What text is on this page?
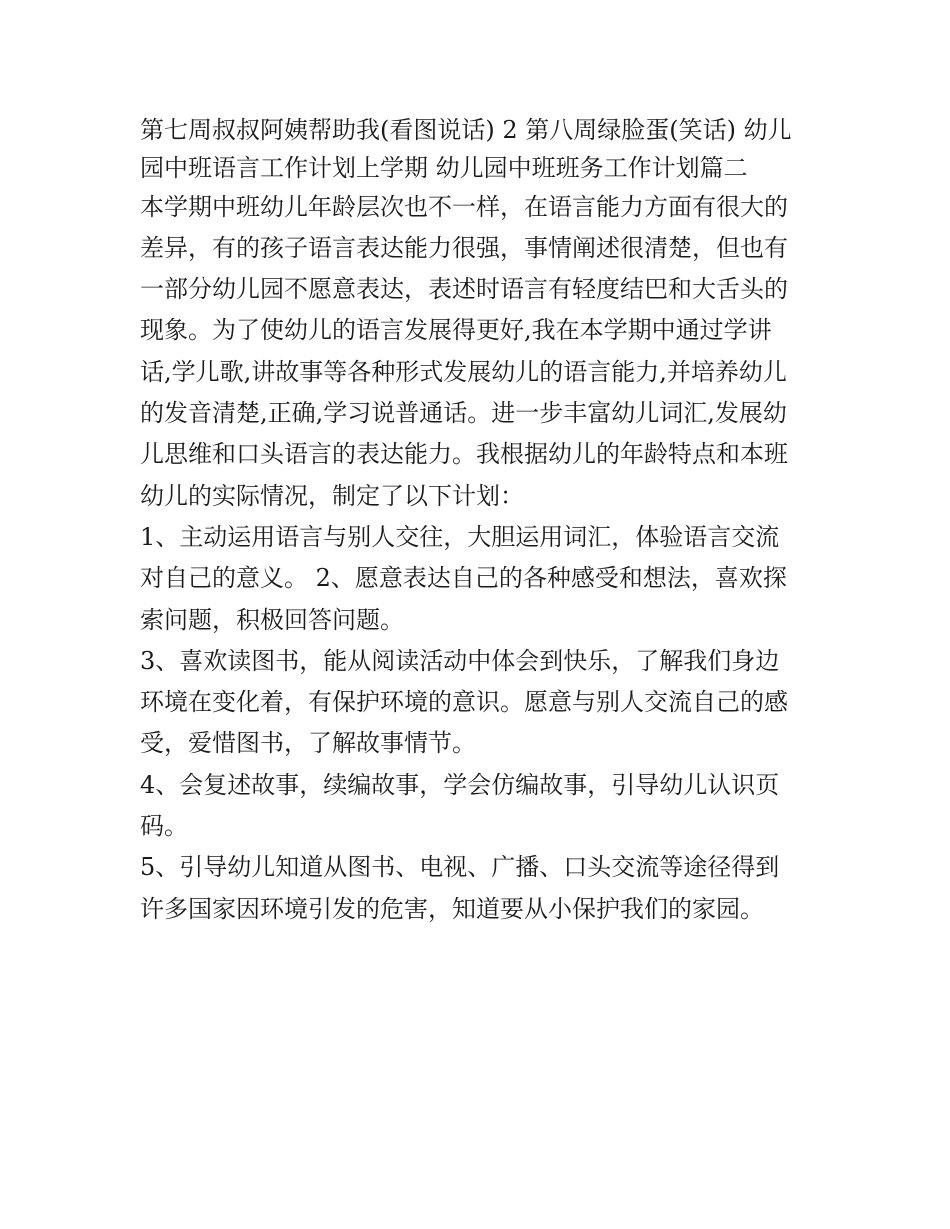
第七周叔叔阿姨帮助我(看图说话) 2 第八周绿脸蛋(笑话) 幼儿
园中班语言工作计划上学期 幼儿园中班班务工作计划篇二
本学期中班幼儿年龄层次也不一样，在语言能力方面有很大的
差异，有的孩子语言表达能力很强，事情阐述很清楚，但也有
一部分幼儿园不愿意表达，表述时语言有轻度结巴和大舌头的
现象。为了使幼儿的语言发展得更好,我在本学期中通过学讲
话,学儿歌,讲故事等各种形式发展幼儿的语言能力,并培养幼儿
的发音清楚,正确,学习说普通话。进一步丰富幼儿词汇,发展幼
儿思维和口头语言的表达能力。我根据幼儿的年龄特点和本班
幼儿的实际情况，制定了以下计划：
1、主动运用语言与别人交往，大胆运用词汇，体验语言交流
对自己的意义。 2、愿意表达自己的各种感受和想法，喜欢探
索问题，积极回答问题。
3、喜欢读图书，能从阅读活动中体会到快乐，了解我们身边
环境在变化着，有保护环境的意识。愿意与别人交流自己的感
受，爱惜图书，了解故事情节。
4、会复述故事，续编故事，学会仿编故事，引导幼儿认识页
码。
5、引导幼儿知道从图书、电视、广播、口头交流等途径得到
许多国家因环境引发的危害，知道要从小保护我们的家园。
